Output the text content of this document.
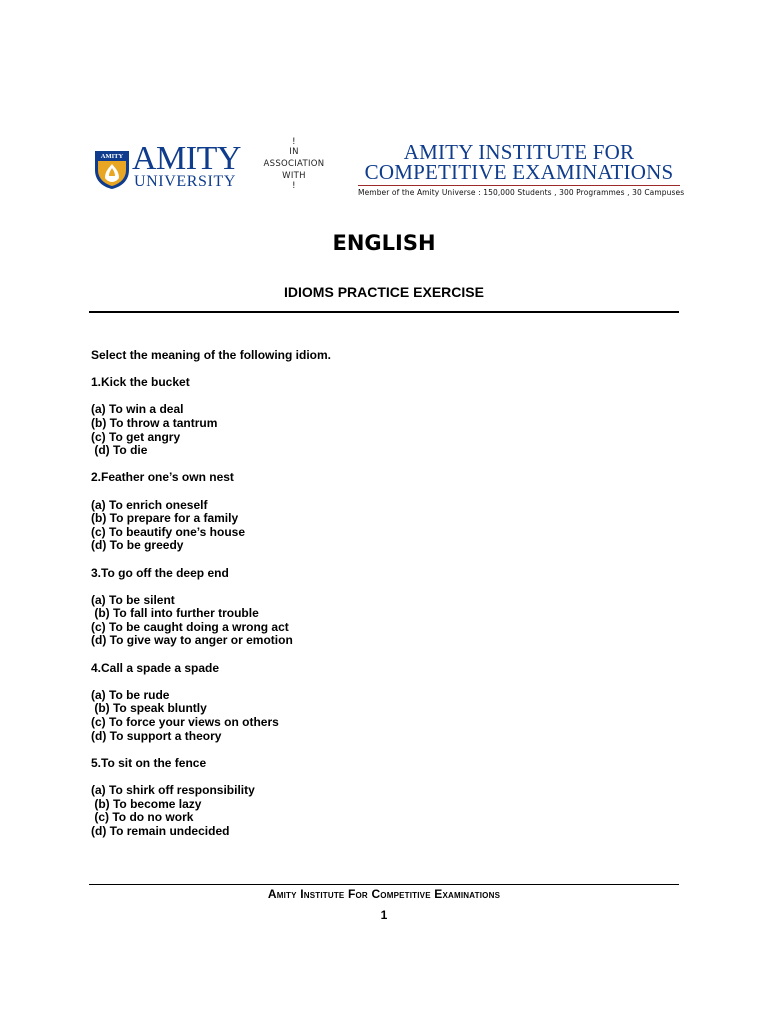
AMITY AMITY
UNIVERSITY
!
IN
ASSOCIATION
WITH
!
AMITY INSTITUTE FOR
COMPETITIVE EXAMINATIONS
Member of the Amity Universe : 150,000 Students , 300 Programmes , 30 Campuses
ENGLISH
IDIOMS PRACTICE EXERCISE
Select the meaning of the following idiom.
1.Kick the bucket
(a) To win a deal
(b) To throw a tantrum
(c) To get angry
(d) To die
2.Feather one’s own nest
(a) To enrich oneself
(b) To prepare for a family
(c) To beautify one’s house
(d) To be greedy
3.To go off the deep end
(a) To be silent
(b) To fall into further trouble
(c) To be caught doing a wrong act
(d) To give way to anger or emotion
4.Call a spade a spade
(a) To be rude
(b) To speak bluntly
(c) To force your views on others
(d) To support a theory
5.To sit on the fence
(a) To shirk off responsibility
(b) To become lazy
(c) To do no work
(d) To remain undecided
Amity Institute For Competitive Examinations
1
